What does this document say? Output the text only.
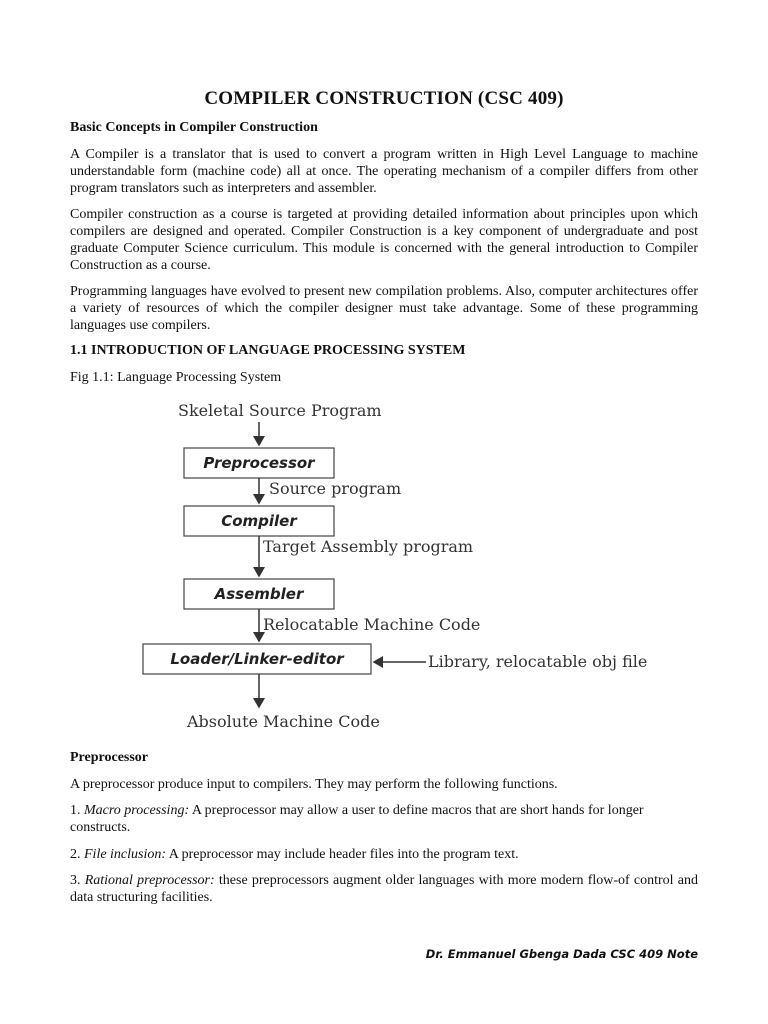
COMPILER CONSTRUCTION (CSC 409)
Basic Concepts in Compiler Construction

A Compiler is a translator that is used to convert a program written in High Level Language to machine understandable form (machine code) all at once. The operating mechanism of a compiler differs from other program translators such as interpreters and assembler.

Compiler construction as a course is targeted at providing detailed information about principles upon which compilers are designed and operated. Compiler Construction is a key component of undergraduate and post graduate Computer Science curriculum. This module is concerned with the general introduction to Compiler Construction as a course.

Programming languages have evolved to present new compilation problems. Also, computer architectures offer a variety of resources of which the compiler designer must take advantage. Some of these programming languages use compilers.

1.1 INTRODUCTION OF LANGUAGE PROCESSING SYSTEM
Fig 1.1: Language Processing System
Skeletal Source Program
Preprocessor
Source program
Compiler
Target Assembly program
Assembler
Relocatable Machine Code
Loader/Linker-editor	Library, relocatable obj file
Absolute Machine Code
Preprocessor

A preprocessor produce input to compilers. They may perform the following functions.

1. Macro processing: A preprocessor may allow a user to define macros that are short hands for longer constructs.

2. File inclusion: A preprocessor may include header files into the program text.

3. Rational preprocessor: these preprocessors augment older languages with more modern flow-of control and data structuring facilities.

Dr. Emmanuel Gbenga Dada CSC 409 Note
